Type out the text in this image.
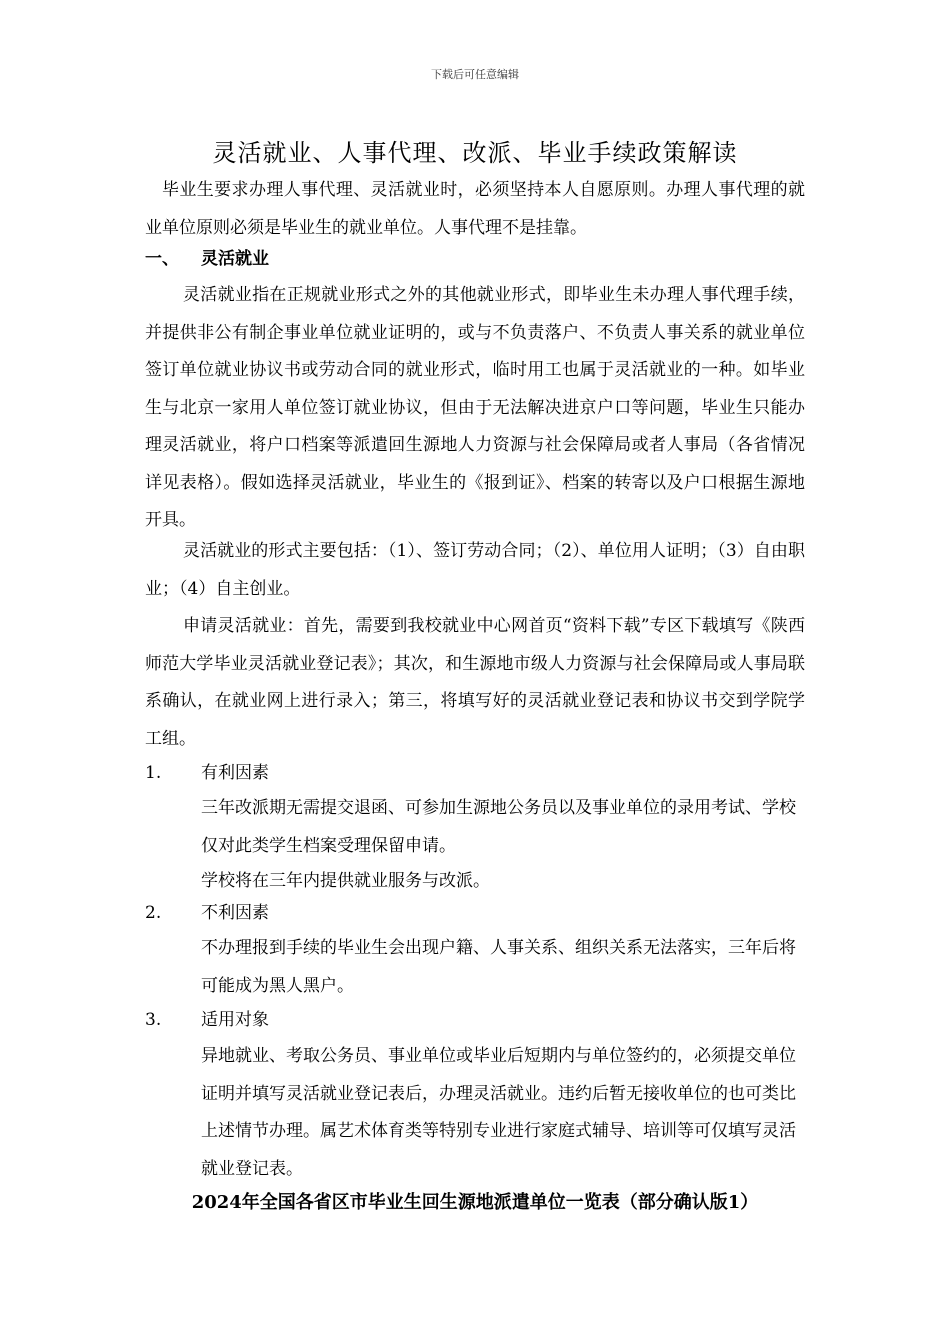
下载后可任意编辑
灵活就业、人事代理、改派、毕业手续政策解读

毕业生要求办理人事代理、灵活就业时，必须坚持本人自愿原则。办理人事代理的就业单位原则必须是毕业生的就业单位。人事代理不是挂靠。

一、 灵活就业

灵活就业指在正规就业形式之外的其他就业形式，即毕业生未办理人事代理手续，并提供非公有制企事业单位就业证明的，或与不负责落户、不负责人事关系的就业单位签订单位就业协议书或劳动合同的就业形式，临时用工也属于灵活就业的一种。如毕业生与北京一家用人单位签订就业协议，但由于无法解决进京户口等问题，毕业生只能办理灵活就业，将户口档案等派遣回生源地人力资源与社会保障局或者人事局（各省情况详见表格）。假如选择灵活就业，毕业生的《报到证》、档案的转寄以及户口根据生源地开具。

灵活就业的形式主要包括：（1）、签订劳动合同；（2）、单位用人证明；（3）自由职业；（4）自主创业。

申请灵活就业：首先，需要到我校就业中心网首页“资料下载”专区下载填写《陕西师范大学毕业灵活就业登记表》；其次，和生源地市级人力资源与社会保障局或人事局联系确认，在就业网上进行录入；第三，将填写好的灵活就业登记表和协议书交到学院学工组。

1. 有利因素

三年改派期无需提交退函、可参加生源地公务员以及事业单位的录用考试、学校仅对此类学生档案受理保留申请。

学校将在三年内提供就业服务与改派。

2. 不利因素

不办理报到手续的毕业生会出现户籍、人事关系、组织关系无法落实，三年后将可能成为黑人黑户。

3. 适用对象

异地就业、考取公务员、事业单位或毕业后短期内与单位签约的，必须提交单位证明并填写灵活就业登记表后，办理灵活就业。违约后暂无接收单位的也可类比上述情节办理。属艺术体育类等特别专业进行家庭式辅导、培训等可仅填写灵活就业登记表。

2024年全国各省区市毕业生回生源地派遣单位一览表（部分确认版1）
